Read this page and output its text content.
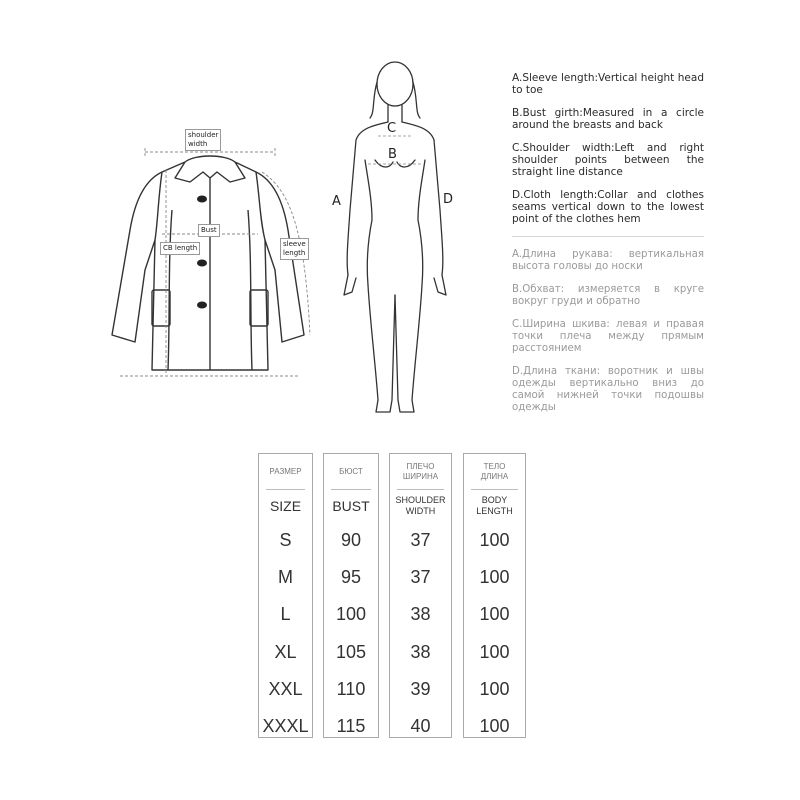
shoulder
width
Bust
CB length	sleeve
length
C
B
A	D

A.Sleeve length:Vertical height head to toe

B.Bust girth:Measured in a circle around the breasts and back

C.Shoulder width:Left and right shoulder points between the straight line distance

D.Cloth length:Collar and clothes seams vertical down to the lowest point of the clothes hem

A.Длина рукава: вертикальная высота головы до носки

B.Обхват: измеряется в круге вокруг груди и обратно

C.Ширина шкива: левая и правая точки плеча между прямым расстоянием

D.Длина ткани: воротник и швы одежды вертикально вниз до самой нижней точки подошвы одежды

РАЗМЕР
SIZE
S
M
L
XL
XXL
XXXL
БЮСТ
BUST
90
95
100
105
110
115
ПЛЕЧО
ШИРИНА
SHOULDER
WIDTH
37
37
38
38
39
40
ТЕЛО
ДЛИНА
BODY
LENGTH
100
100
100
100
100
100
